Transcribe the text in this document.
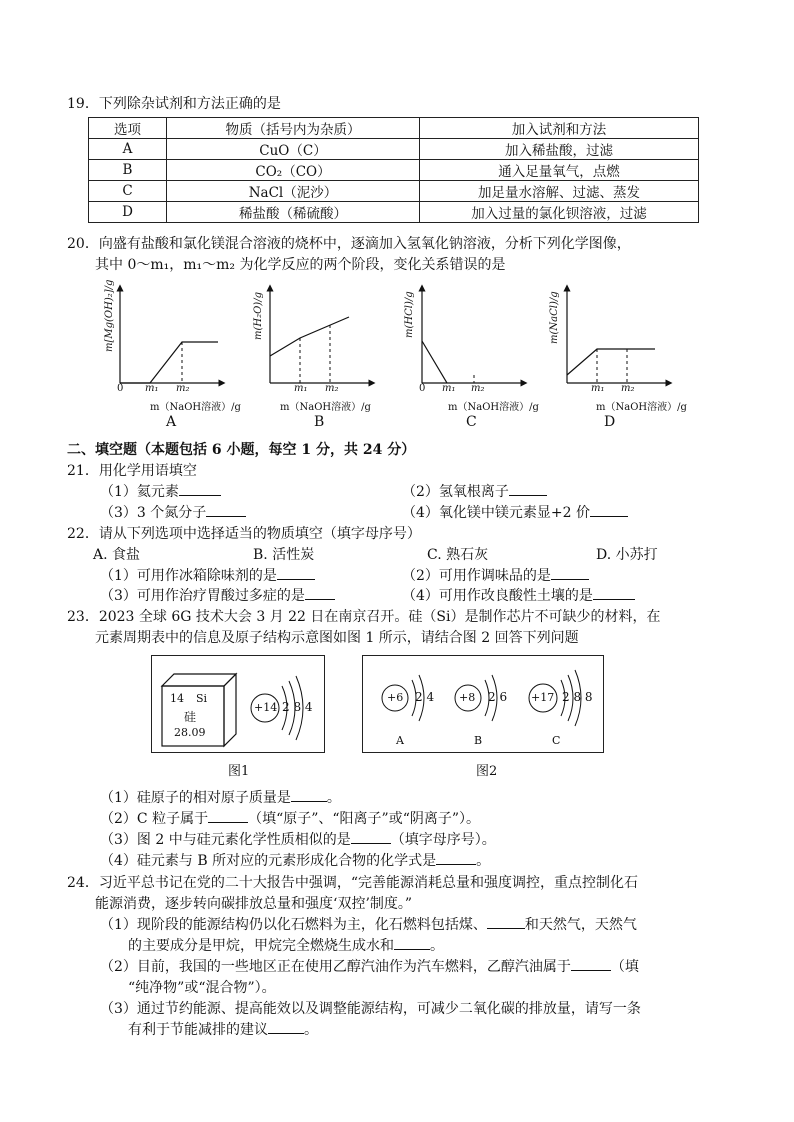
19．下列除杂试剂和方法正确的是
选项	物质（括号内为杂质）	加入试剂和方法
A	CuO（C）	加入稀盐酸，过滤
B	CO₂（CO）	通入足量氧气，点燃
C	NaCl（泥沙）	加足量水溶解、过滤、蒸发
D	稀盐酸（稀硫酸）	加入过量的氯化钡溶液，过滤
20．向盛有盐酸和氯化镁混合溶液的烧杯中，逐滴加入氢氧化钠溶液，分析下列化学图像，
其中 0～m₁，m₁～m₂ 为化学反应的两个阶段，变化关系错误的是
m[Mg(OH)₂]/g
0 m₁ m₂
m（NaOH溶液）/g
A
m(H₂O)/g
m₁ m₂
m（NaOH溶液）/g
B
m(HCl)/g
0 m₁ m₂
m（NaOH溶液）/g
C
m(NaCl)/g
m₁ m₂
m（NaOH溶液）/g
D
二、填空题（本题包括 6 小题，每空 1 分，共 24 分）
21．用化学用语填空
（1）氦元素	（2）氢氧根离子
（3）3 个氮分子	（4）氧化镁中镁元素显+2 价
22．请从下列选项中选择适当的物质填空（填字母序号）
A. 食盐	B. 活性炭	C. 熟石灰	D. 小苏打
（1）可用作冰箱除味剂的是	（2）可用作调味品的是
（3）可用作治疗胃酸过多症的是	（4）可用作改良酸性土壤的是
23．2023 全球 6G 技术大会 3 月 22 日在南京召开。硅（Si）是制作芯片不可缺少的材料，在
元素周期表中的信息及原子结构示意图如图 1 所示，请结合图 2 回答下列问题
14 Si
硅
28.09
+14 2 8 4
图1
+6 2 4 +8 2 6 +17 2 8 8
A	B	C
图2
（1）硅原子的相对原子质量是	。
（2）C 粒子属于	（填“原子”、“阳离子”或“阴离子”）。
（3）图 2 中与硅元素化学性质相似的是	（填字母序号）。
（4）硅元素与 B 所对应的元素形成化合物的化学式是	。
24．习近平总书记在党的二十大报告中强调，“完善能源消耗总量和强度调控，重点控制化石
能源消费，逐步转向碳排放总量和强度‘双控’制度。”
（1）现阶段的能源结构仍以化石燃料为主，化石燃料包括煤、	和天然气，天然气
的主要成分是甲烷，甲烷完全燃烧生成水和	。
（2）目前，我国的一些地区正在使用乙醇汽油作为汽车燃料，乙醇汽油属于	（填
“纯净物”或“混合物”）。
（3）通过节约能源、提高能效以及调整能源结构，可减少二氧化碳的排放量，请写一条
有利于节能减排的建议	。
